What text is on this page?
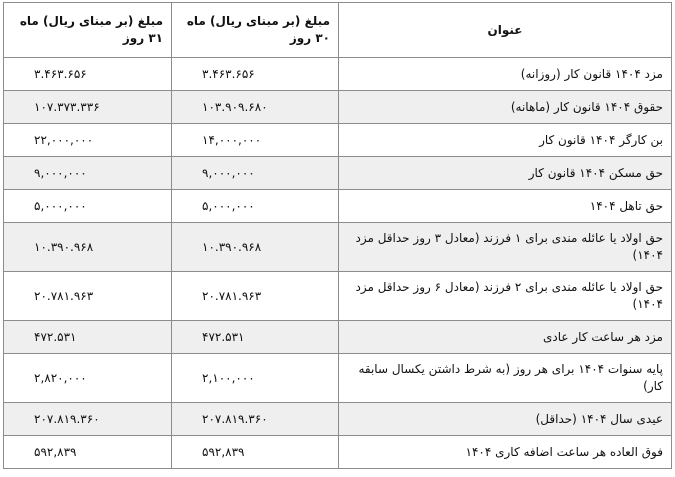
عنوان	مبلغ (بر مبنای ریال) ماه ۳۰ روز	مبلغ (بر مبنای ریال) ماه ۳۱ روز
مزد ۱۴۰۴ قانون کار (روزانه)	۳.۴۶۳.۶۵۶	۳.۴۶۳.۶۵۶
حقوق ۱۴۰۴ قانون کار (ماهانه)	۱۰۳.۹۰۹.۶۸۰	۱۰۷.۳۷۳.۳۳۶
بن کارگر ۱۴۰۴ قانون کار	۱۴,۰۰۰,۰۰۰	۲۲,۰۰۰,۰۰۰
حق مسکن ۱۴۰۴ قانون کار	۹,۰۰۰,۰۰۰	۹,۰۰۰,۰۰۰
حق تاهل ۱۴۰۴	۵,۰۰۰,۰۰۰	۵,۰۰۰,۰۰۰
حق اولاد یا عائله مندی برای ۱ فرزند (معادل ۳ روز حداقل مزد ۱۴۰۴)	۱۰.۳۹۰.۹۶۸	۱۰.۳۹۰.۹۶۸
حق اولاد یا عائله مندی برای ۲ فرزند (معادل ۶ روز حداقل مزد ۱۴۰۴)	۲۰.۷۸۱.۹۶۳	۲۰.۷۸۱.۹۶۳
مزد هر ساعت کار عادی	۴۷۲.۵۳۱	۴۷۲.۵۳۱
پایه سنوات ۱۴۰۴ برای هر روز (به شرط داشتن یکسال سابقه کار)	۲,۱۰۰,۰۰۰	۲,۸۲۰,۰۰۰
عیدی سال ۱۴۰۴ (حداقل)	۲۰۷.۸۱۹.۳۶۰	۲۰۷.۸۱۹.۳۶۰
فوق العاده هر ساعت اضافه کاری ۱۴۰۴	۵۹۲,۸۳۹	۵۹۲,۸۳۹
